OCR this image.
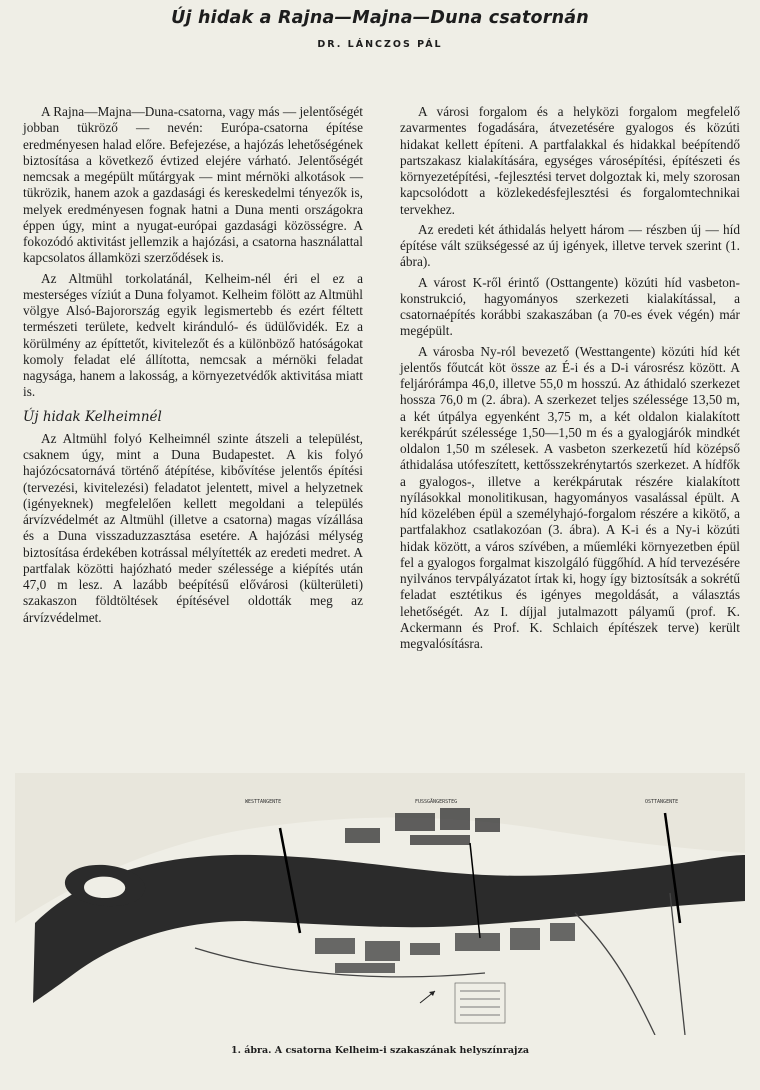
Új hidak a Rajna—Majna—Duna csatornán
DR. LÁNCZOS PÁL

A Rajna—Majna—Duna-csatorna, vagy más — jelentőségét jobban tükröző — nevén: Európa-csatorna építése eredményesen halad előre. Befejezése, a hajózás lehetőségének biztosítása a következő évtized elejére várható. Jelentőségét nemcsak a megépült műtárgyak — mint mérnöki alkotások — tükrözik, hanem azok a gazdasági és kereskedelmi tényezők is, melyek eredményesen fognak hatni a Duna menti országokra éppen úgy, mint a nyugat-európai gazdasági közösségre. A fokozódó aktivitást jellemzik a hajózási, a csatorna használattal kapcsolatos államközi szerződések is.

Az Altmühl torkolatánál, Kelheim-nél éri el ez a mesterséges víziút a Duna folyamot. Kelheim fölött az Altmühl völgye Alsó-Bajorország egyik legismertebb és ezért féltett természeti területe, kedvelt kiránduló- és üdülővidék. Ez a körülmény az építtetőt, kivitelezőt és a különböző hatóságokat komoly feladat elé állította, nemcsak a mérnöki feladat nagysága, hanem a lakosság, a környezetvédők aktivitása miatt is.

Új hidak Kelheimnél

Az Altmühl folyó Kelheimnél szinte átszeli a települést, csaknem úgy, mint a Duna Budapestet. A kis folyó hajózócsatornává történő átépítése, kibővítése jelentős építési (tervezési, kivitelezési) feladatot jelentett, mivel a helyzetnek (igényeknek) megfelelően kellett megoldani a település árvízvédelmét az Altmühl (illetve a csatorna) magas vízállása és a Duna visszaduzzasztása esetére. A hajózási mélység biztosítása érdekében kotrással mélyítették az eredeti medret. A partfalak közötti hajózható meder szélessége a kiépítés után 47,0 m lesz. A lazább beépítésű elővárosi (külterületi) szakaszon földtöltések építésével oldották meg az árvízvédelmet.

A városi forgalom és a helyközi forgalom megfelelő zavarmentes fogadására, átvezetésére gyalogos és közúti hidakat kellett építeni. A partfalakkal és hidakkal beépítendő partszakasz kialakítására, egységes városépítési, építészeti és környezetépítési, -fejlesztési tervet dolgoztak ki, mely szorosan kapcsolódott a közlekedésfejlesztési és forgalomtechnikai tervekhez.

Az eredeti két áthidalás helyett három — részben új — híd építése vált szükségessé az új igények, illetve tervek szerint (1. ábra).

A várost K-ről érintő (Osttangente) közúti híd vasbeton-konstrukció, hagyományos szerkezeti kialakítással, a csatornaépítés korábbi szakaszában (a 70-es évek végén) már megépült.

A városba Ny-ról bevezető (Westtangente) közúti híd két jelentős főutcát köt össze az É-i és a D-i városrész között. A feljárórámpa 46,0, illetve 55,0 m hosszú. Az áthidaló szerkezet hossza 76,0 m (2. ábra). A szerkezet teljes szélessége 13,50 m, a két útpálya egyenként 3,75 m, a két oldalon kialakított kerékpárút szélessége 1,50—1,50 m és a gyalogjárók mindkét oldalon 1,50 m szélesek. A vasbeton szerkezetű híd középső áthidalása utófeszített, kettősszekrénytartós szerkezet. A hídfők a gyalogos-, illetve a kerékpárutak részére kialakított nyílásokkal monolitikusan, hagyományos vasalással épült. A híd közelében épül a személyhajó-forgalom részére a kikötő, a partfalakhoz csatlakozóan (3. ábra). A K-i és a Ny-i közúti hidak között, a város szívében, a műemléki környezetben épül fel a gyalogos forgalmat kiszolgáló függőhíd. A híd tervezésére nyilvános tervpályázatot írtak ki, hogy így biztosítsák a sokrétű feladat esztétikus és igényes megoldását, a választás lehetőségét. Az I. díjjal jutalmazott pályamű (prof. K. Ackermann és Prof. K. Schlaich építészek terve) került megvalósításra.

WESTTANGENTE	FUSSGÄNGERSTEG	OSTTANGENTE
1. ábra. A csatorna Kelheim-i szakaszának helyszínrajza
